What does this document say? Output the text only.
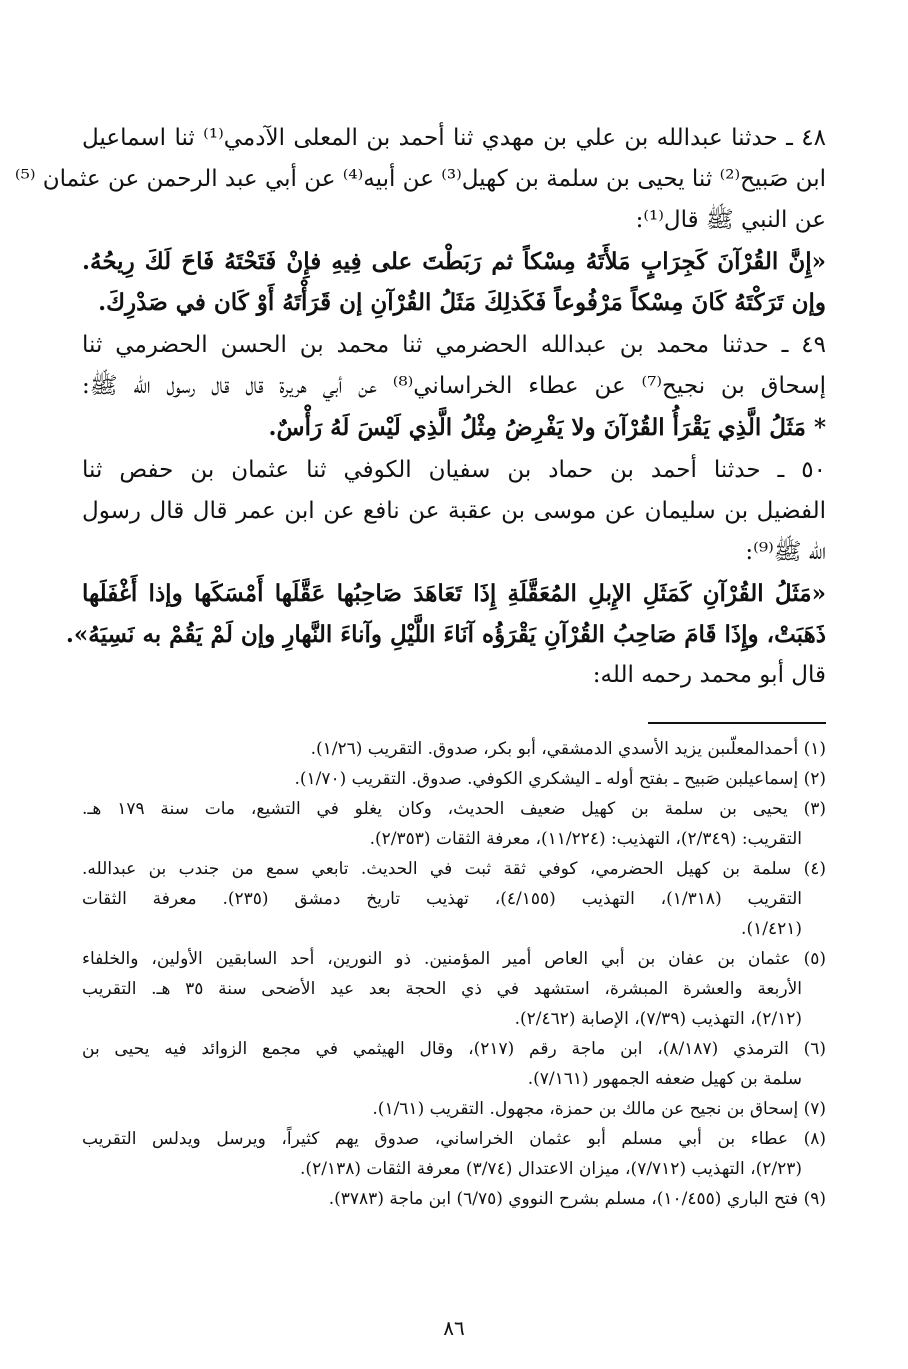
٤٨ ـ حدثنا عبدالله بن علي بن مهدي ثنا أحمد بن المعلى الآدمي⁽¹⁾ ثنا اسماعيل
ابن صَبيح⁽²⁾ ثنا يحيى بن سلمة بن كهيل⁽³⁾ عن أبيه⁽⁴⁾ عن أبي عبد الرحمن عن عثمان ⁽⁵⁾
عن النبي ﷺ قال⁽¹⁾:
«إِنَّ القُرْآنَ كَجِرَابٍ مَلأَتَهُ مِسْكاً ثم رَبَطْتَ على فِيهِ فإِنْ فَتَحْتَهُ فَاحَ لَكَ رِيحُهُ.
وإن تَرَكْتَهُ كَانَ مِسْكاً مَرْفُوعاً فَكَذلِكَ مَثَلُ القُرْآنِ إن قَرَأْتَهُ أَوْ كَان في صَدْرِكَ.
٤٩ ـ حدثنا محمد بن عبدالله الحضرمي ثنا محمد بن الحسن الحضرمي ثنا
إسحاق بن نجيح⁽⁷⁾ عن عطاء الخراساني⁽⁸⁾ عن أبي هريرة قال قال رسول الله ﷺ:
* مَثَلُ الَّذِي يَقْرَأُ القُرْآنَ ولا يَفْرِضُ مِثْلُ الَّذِي لَيْسَ لَهُ رَأْسٌ.
٥٠ ـ حدثنا أحمد بن حماد بن سفيان الكوفي ثنا عثمان بن حفص ثنا
الفضيل بن سليمان عن موسى بن عقبة عن نافع عن ابن عمر قال قال رسول
الله ﷺ⁽⁹⁾:
«مَثَلُ القُرْآنِ كَمَثَلِ الإِبلِ المُعَقَّلَةِ إِذَا تَعَاهَدَ صَاحِبُها عَقَّلَها أَمْسَكَها وإذا أَغْفَلَها
ذَهَبَتْ، وإِذَا قَامَ صَاحِبُ القُرْآنِ يَقْرَؤُه آنَاءَ اللَّيْلِ وآناءَ النَّهارِ وإن لَمْ يَقُمْ به نَسِيَهُ».
قال أبو محمد رحمه الله:
(١) أحمدالمعلّىبن يزيد الأسدي الدمشقي، أبو بكر، صدوق. التقريب (١/٢٦).
(٢) إسماعيلبن صَبيح ـ بفتح أوله ـ اليشكري الكوفي. صدوق. التقريب (١/٧٠).
(٣) يحيى بن سلمة بن كهيل ضعيف الحديث، وكان يغلو في التشيع، مات سنة ١٧٩ هـ.
التقريب: (٢/٣٤٩)، التهذيب: (١١/٢٢٤)، معرفة الثقات (٢/٣٥٣).
(٤) سلمة بن كهيل الحضرمي، كوفي ثقة ثبت في الحديث. تابعي سمع من جندب بن عبدالله.
التقريب (١/٣١٨)، التهذيب (٤/١٥٥)، تهذيب تاريخ دمشق (٢٣٥). معرفة الثقات
(١/٤٢١).
(٥) عثمان بن عفان بن أبي العاص أمير المؤمنين. ذو النورين، أحد السابقين الأولين، والخلفاء
الأربعة والعشرة المبشرة، استشهد في ذي الحجة بعد عيد الأضحى سنة ٣٥ هـ. التقريب
(٢/١٢)، التهذيب (٧/٣٩)، الإصابة (٢/٤٦٢).
(٦) الترمذي (٨/١٨٧)، ابن ماجة رقم (٢١٧)، وقال الهيثمي في مجمع الزوائد فيه يحيى بن
سلمة بن كهيل ضعفه الجمهور (٧/١٦١).
(٧) إسحاق بن نجيح عن مالك بن حمزة، مجهول. التقريب (١/٦١).
(٨) عطاء بن أبي مسلم أبو عثمان الخراساني، صدوق يهم كثيراً، ويرسل ويدلس التقريب
(٢/٢٣)، التهذيب (٧/٧١٢)، ميزان الاعتدال (٣/٧٤) معرفة الثقات (٢/١٣٨).
(٩) فتح الباري (١٠/٤٥٥)، مسلم بشرح النووي (٦/٧٥) ابن ماجة (٣٧٨٣).
٨٦
